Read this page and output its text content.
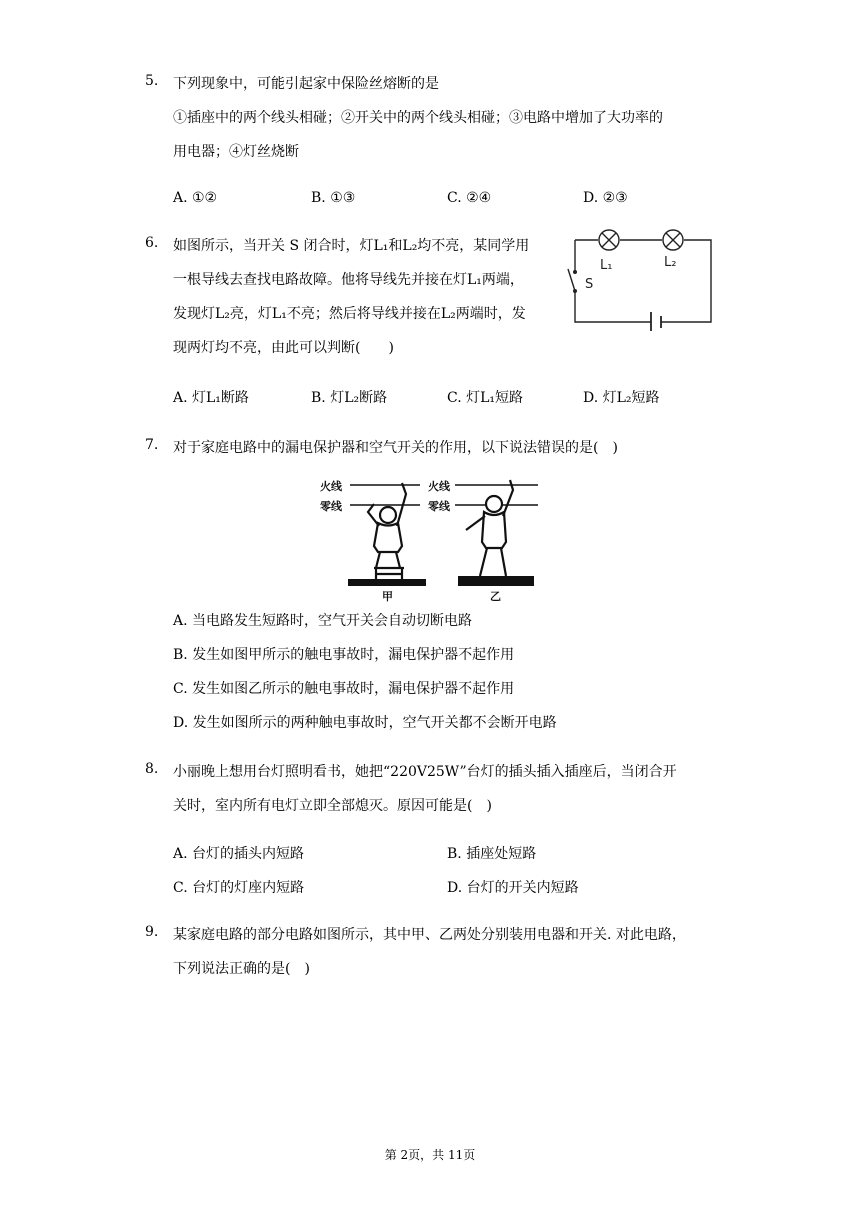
5. 下列现象中，可能引起家中保险丝熔断的是
①插座中的两个线头相碰；②开关中的两个线头相碰；③电路中增加了大功率的
用电器；④灯丝烧断
A. ①②	B. ①③	C. ②④	D. ②③
6. 如图所示，当开关 S 闭合时，灯L₁和L₂均不亮，某同学用
一根导线去查找电路故障。他将导线先并接在灯L₁两端，
发现灯L₂亮，灯L₁不亮；然后将导线并接在L₂两端时，发
现两灯均不亮，由此可以判断(　　)
A. 灯L₁断路	B. 灯L₂断路	C. 灯L₁短路	D. 灯L₂短路
L₁	L₂
S
7. 对于家庭电路中的漏电保护器和空气开关的作用，以下说法错误的是(　)
火线
零线
火线
零线
甲	乙
A. 当电路发生短路时，空气开关会自动切断电路
B. 发生如图甲所示的触电事故时，漏电保护器不起作用
C. 发生如图乙所示的触电事故时，漏电保护器不起作用
D. 发生如图所示的两种触电事故时，空气开关都不会断开电路
8. 小丽晚上想用台灯照明看书，她把“220V25W”台灯的插头插入插座后，当闭合开
关时，室内所有电灯立即全部熄灭。原因可能是(　)
A. 台灯的插头内短路	B. 插座处短路
C. 台灯的灯座内短路	D. 台灯的开关内短路
9. 某家庭电路的部分电路如图所示，其中甲、乙两处分别装用电器和开关. 对此电路，
下列说法正确的是(　)
第 2页，共 11页
